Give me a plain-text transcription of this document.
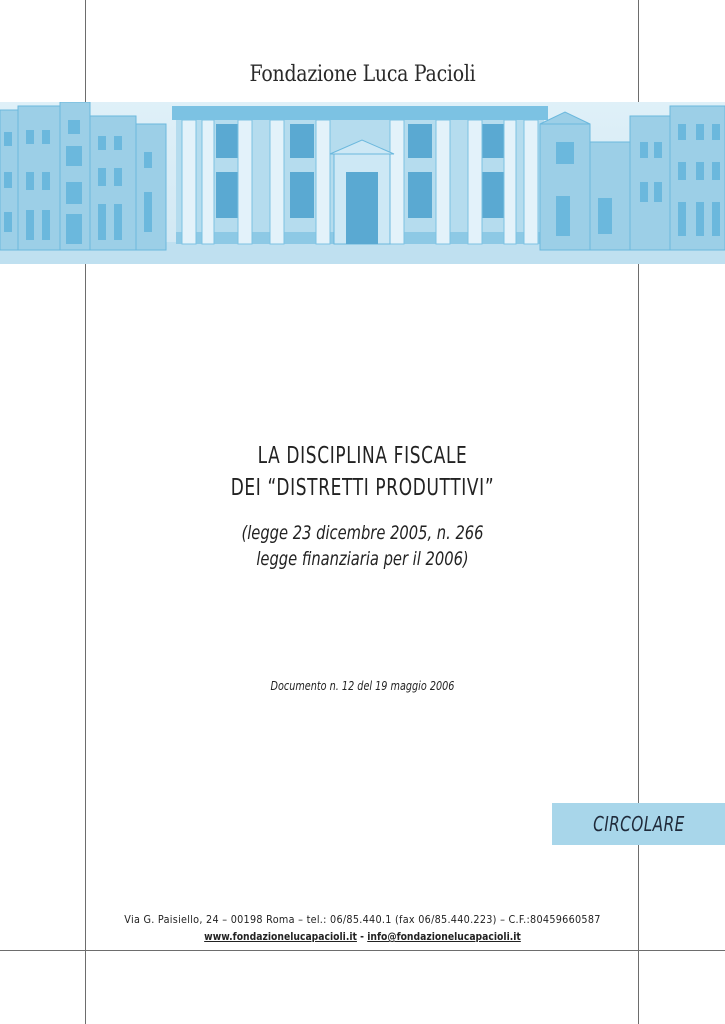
Fondazione Luca Pacioli
LA DISCIPLINA FISCALE
DEI “DISTRETTI PRODUTTIVI”
(legge 23 dicembre 2005, n. 266
legge finanziaria per il 2006)
Documento n. 12 del 19 maggio 2006
CIRCOLARE
Via G. Paisiello, 24 – 00198 Roma – tel.: 06/85.440.1 (fax 06/85.440.223) – C.F.:80459660587
www.fondazionelucapacioli.it - info@fondazionelucapacioli.it
